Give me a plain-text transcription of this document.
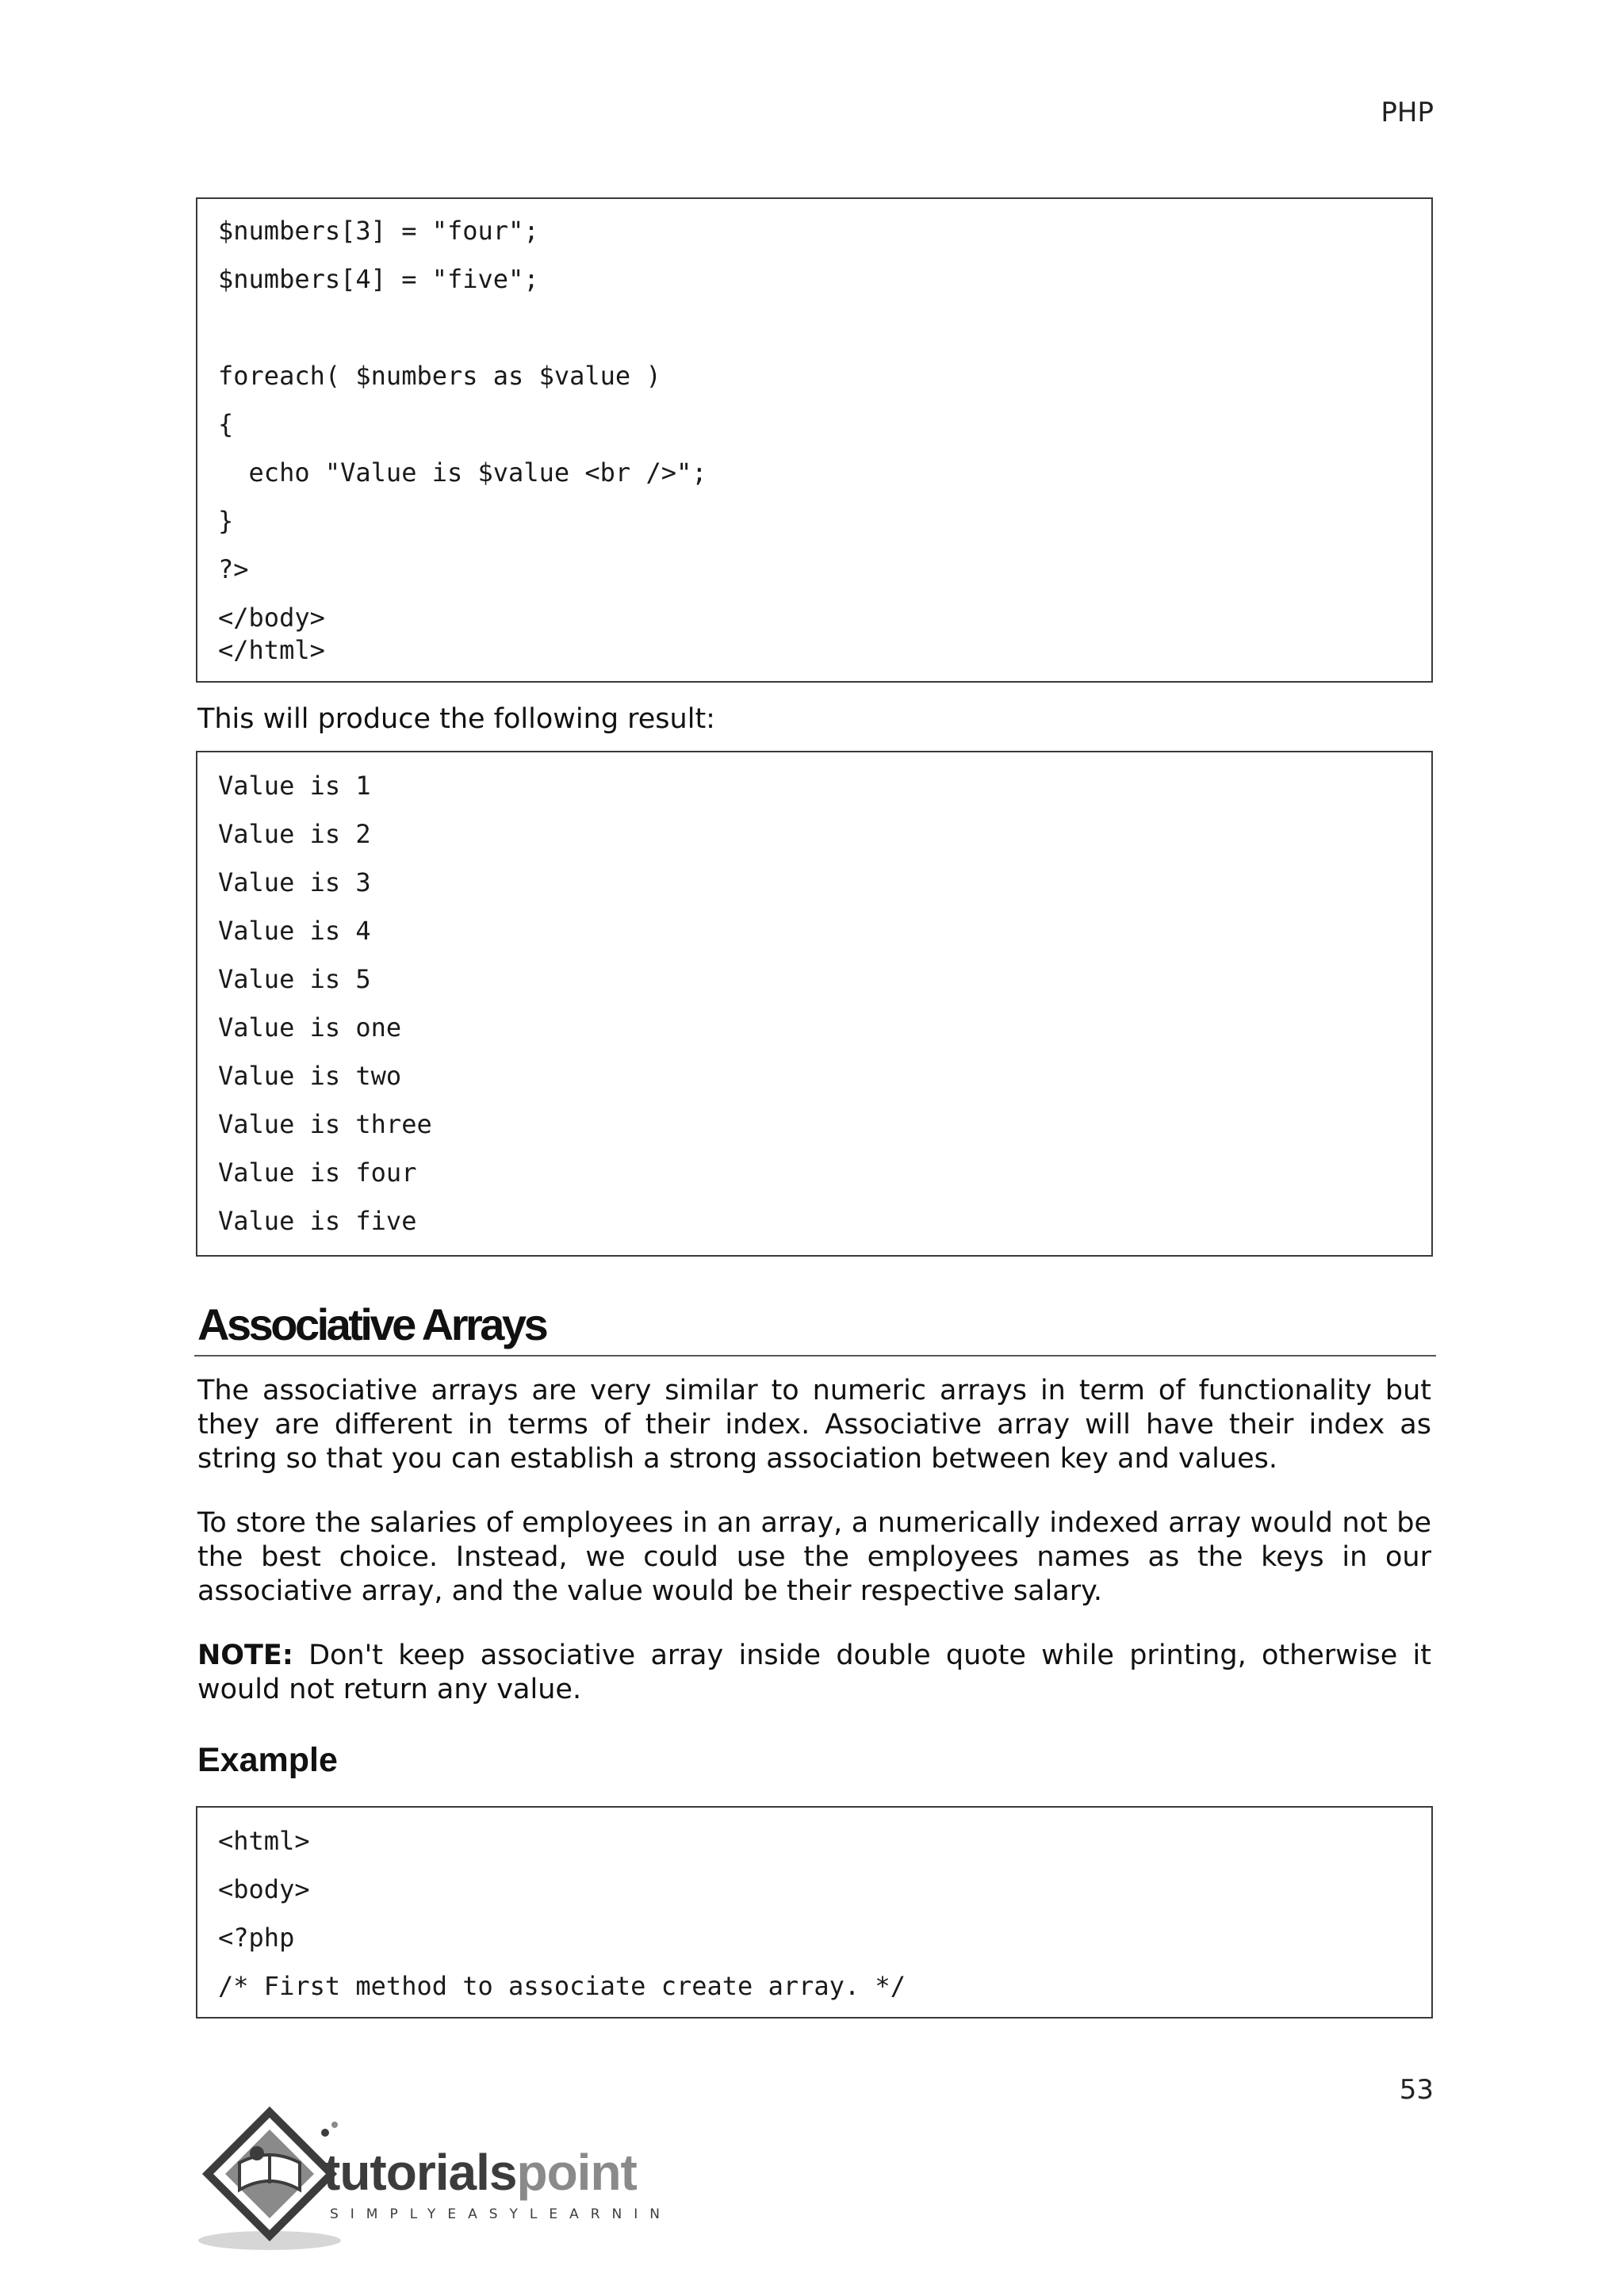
PHP
$numbers[3] = "four";
$numbers[4] = "five";
foreach( $numbers as $value )
{
echo "Value is $value <br />";
}
?>
</body>
</html>

This will produce the following result:

Value is 1
Value is 2
Value is 3
Value is 4
Value is 5
Value is one
Value is two
Value is three
Value is four
Value is five
Associative Arrays

The associative arrays are very similar to numeric arrays in term of functionality but they are different in terms of their index. Associative array will have their index as string so that you can establish a strong association between key and values.

To store the salaries of employees in an array, a numerically indexed array would not be the best choice. Instead, we could use the employees names as the keys in our associative array, and the value would be their respective salary.

NOTE: Don't keep associative array inside double quote while printing, otherwise it would not return any value.

Example
<html>
<body>
<?php
/* First method to associate create array. */
53
tutorialspoint
SIMPLYEASYLEARNING
